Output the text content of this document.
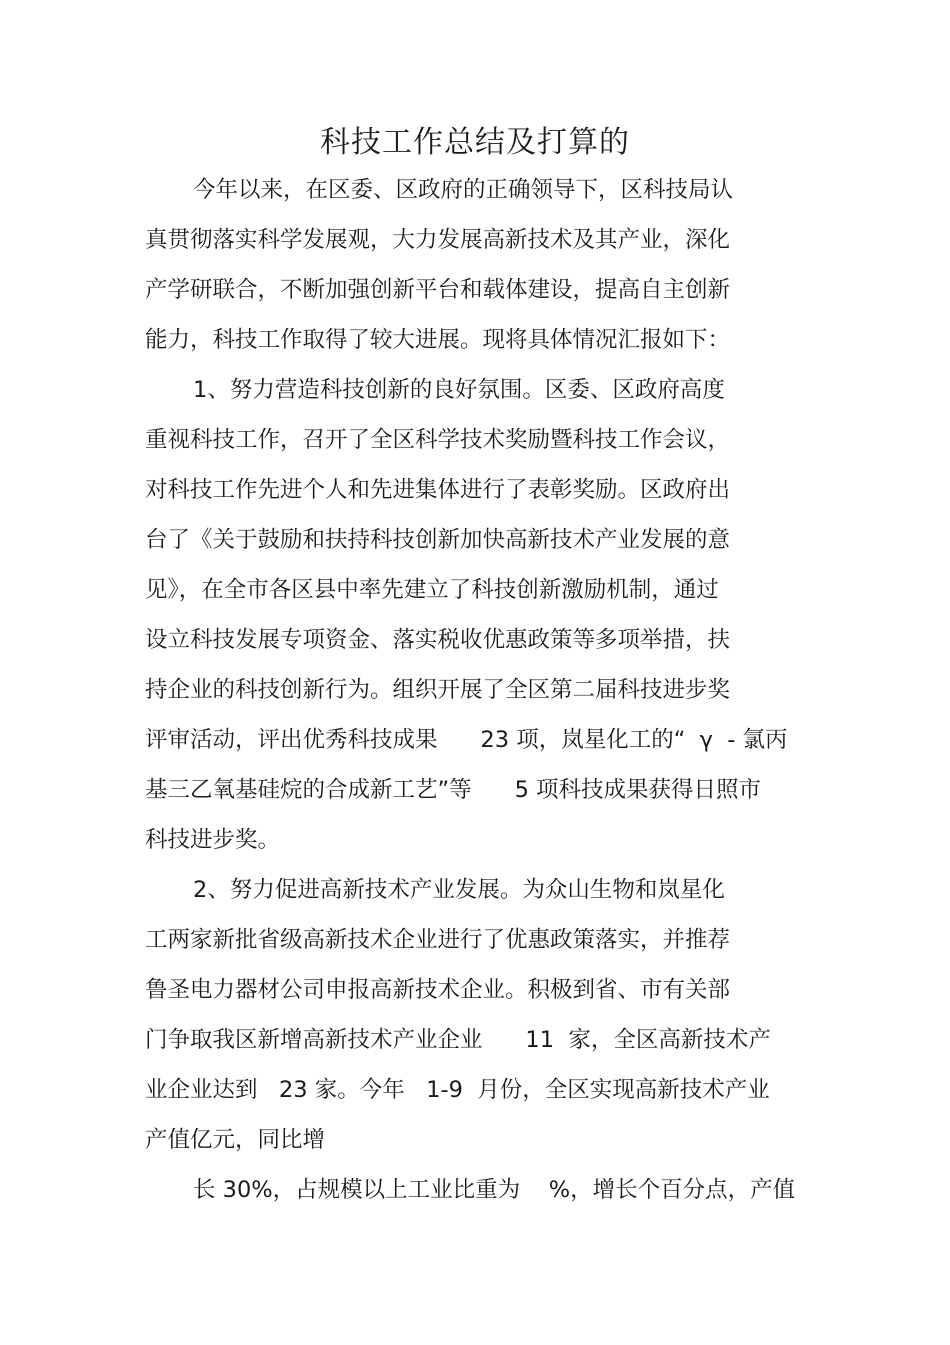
科技工作总结及打算的

今年以来，在区委、区政府的正确领导下，区科技局认

真贯彻落实科学发展观，大力发展高新技术及其产业，深化

产学研联合，不断加强创新平台和载体建设，提高自主创新

能力，科技工作取得了较大进展。现将具体情况汇报如下：

1、努力营造科技创新的良好氛围。区委、区政府高度

重视科技工作，召开了全区科学技术奖励暨科技工作会议，

对科技工作先进个人和先进集体进行了表彰奖励。区政府出

台了《关于鼓励和扶持科技创新加快高新技术产业发展的意

见》，在全市各区县中率先建立了科技创新激励机制，通过

设立科技发展专项资金、落实税收优惠政策等多项举措，扶

持企业的科技创新行为。组织开展了全区第二届科技进步奖

评审活动，评出优秀科技成果      23 项，岚星化工的“  γ  - 氯丙

基三乙氧基硅烷的合成新工艺”等      5 项科技成果获得日照市

科技进步奖。

2、努力促进高新技术产业发展。为众山生物和岚星化

工两家新批省级高新技术企业进行了优惠政策落实，并推荐

鲁圣电力器材公司申报高新技术企业。积极到省、市有关部

门争取我区新增高新技术产业企业      11  家，全区高新技术产

业企业达到   23 家。今年   1-9  月份，全区实现高新技术产业

产值亿元，同比增

长 30%，占规模以上工业比重为    %，增长个百分点，产值
